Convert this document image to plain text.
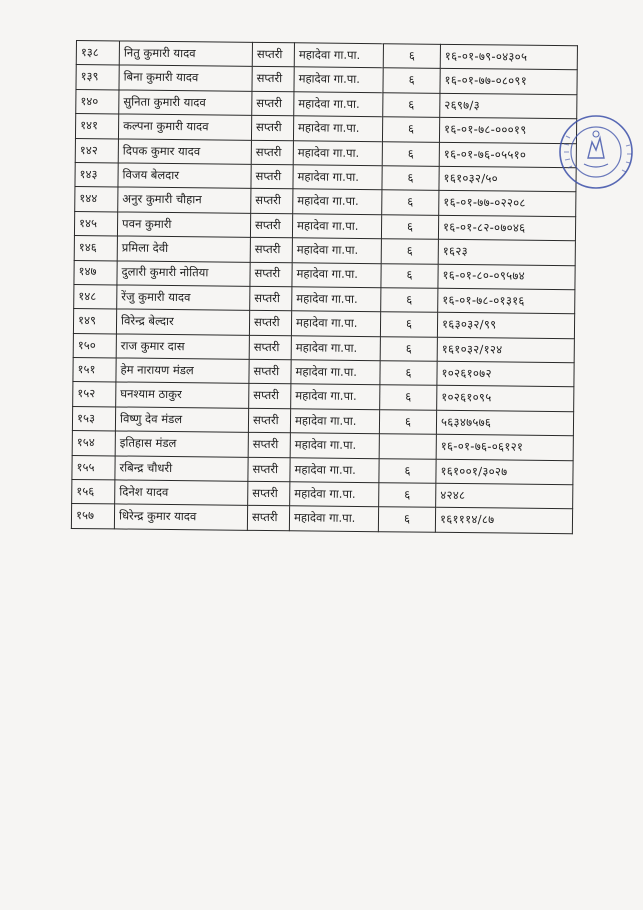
१३८	नितु कुमारी यादव	सप्तरी	महादेवा गा.पा.	६	१६-०१-७९-०४३०५
१३९	बिना कुमारी यादव	सप्तरी	महादेवा गा.पा.	६	१६-०१-७७-०८०९१
१४०	सुनिता कुमारी यादव	सप्तरी	महादेवा गा.पा.	६	२६९७/३
१४१	कल्पना कुमारी यादव	सप्तरी	महादेवा गा.पा.	६	१६-०१-७८-०००१९
१४२	दिपक कुमार यादव	सप्तरी	महादेवा गा.पा.	६	१६-०१-७६-०५५१०
१४३	विजय बेलदार	सप्तरी	महादेवा गा.पा.	६	१६१०३२/५०
१४४	अनुर कुमारी चौहान	सप्तरी	महादेवा गा.पा.	६	१६-०१-७७-०२२०८
१४५	पवन कुमारी	सप्तरी	महादेवा गा.पा.	६	१६-०१-८२-०७०४६
१४६	प्रमिला देवी	सप्तरी	महादेवा गा.पा.	६	१६२३
१४७	दुलारी कुमारी नोतिया	सप्तरी	महादेवा गा.पा.	६	१६-०१-८०-०९५७४
१४८	रेंजु कुमारी यादव	सप्तरी	महादेवा गा.पा.	६	१६-०१-७८-०१३१६
१४९	विरेन्द्र बेल्दार	सप्तरी	महादेवा गा.पा.	६	१६३०३२/९९
१५०	राज कुमार दास	सप्तरी	महादेवा गा.पा.	६	१६१०३२/१२४
१५१	हेम नारायण मंडल	सप्तरी	महादेवा गा.पा.	६	१०२६१०७२
१५२	घनश्याम ठाकुर	सप्तरी	महादेवा गा.पा.	६	१०२६१०९५
१५३	विष्णु देव मंडल	सप्तरी	महादेवा गा.पा.	६	५६३४७५७६
१५४	इतिहास मंडल	सप्तरी	महादेवा गा.पा.		१६-०१-७६-०६१२१
१५५	रबिन्द्र चौधरी	सप्तरी	महादेवा गा.पा.	६	१६१००१/३०२७
१५६	दिनेश यादव	सप्तरी	महादेवा गा.पा.	६	४२४८
१५७	धिरेन्द्र कुमार यादव	सप्तरी	महादेवा गा.पा.	६	१६१११४/८७
